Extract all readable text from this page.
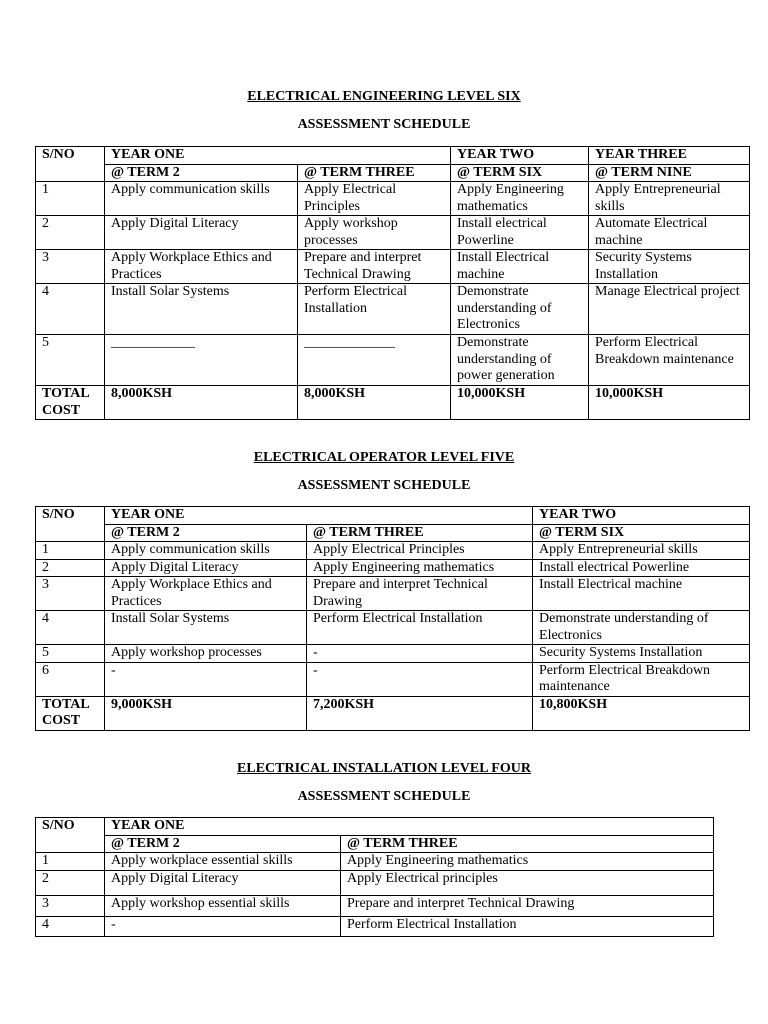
ELECTRICAL ENGINEERING LEVEL SIX
ASSESSMENT SCHEDULE
S/NO	YEAR ONE		YEAR TWO	YEAR THREE
	@ TERM 2	@ TERM THREE	@ TERM SIX	@ TERM NINE
1	Apply communication skills	Apply Electrical Principles	Apply Engineering mathematics	Apply Entrepreneurial skills
2	Apply Digital Literacy	Apply workshop processes	Install electrical Powerline	Automate Electrical machine
3	Apply Workplace Ethics and Practices	Prepare and interpret Technical Drawing	Install Electrical machine	Security Systems Installation
4	Install Solar Systems	Perform Electrical Installation	Demonstrate understanding of Electronics	Manage Electrical project
5	____________	_____________	Demonstrate understanding of power generation	Perform Electrical Breakdown maintenance
TOTAL COST	8,000KSH	8,000KSH	10,000KSH	10,000KSH
ELECTRICAL OPERATOR LEVEL FIVE
ASSESSMENT SCHEDULE
S/NO	YEAR ONE		YEAR TWO
	@ TERM 2	@ TERM THREE	@ TERM SIX
1	Apply communication skills	Apply Electrical Principles	Apply Entrepreneurial skills
2	Apply Digital Literacy	Apply Engineering mathematics	Install electrical Powerline
3	Apply Workplace Ethics and Practices	Prepare and interpret Technical Drawing	Install Electrical machine
4	Install Solar Systems	Perform Electrical Installation	Demonstrate understanding of Electronics
5	Apply workshop processes	-	Security Systems Installation
6	-	-	Perform Electrical Breakdown maintenance
TOTAL COST	9,000KSH	7,200KSH	10,800KSH
ELECTRICAL INSTALLATION LEVEL FOUR
ASSESSMENT SCHEDULE
S/NO	YEAR ONE	
	@ TERM 2	@ TERM THREE
1	Apply workplace essential skills	Apply Engineering mathematics
2	Apply Digital Literacy	Apply Electrical principles
3	Apply workshop essential skills	Prepare and interpret Technical Drawing
4	-	Perform Electrical Installation
